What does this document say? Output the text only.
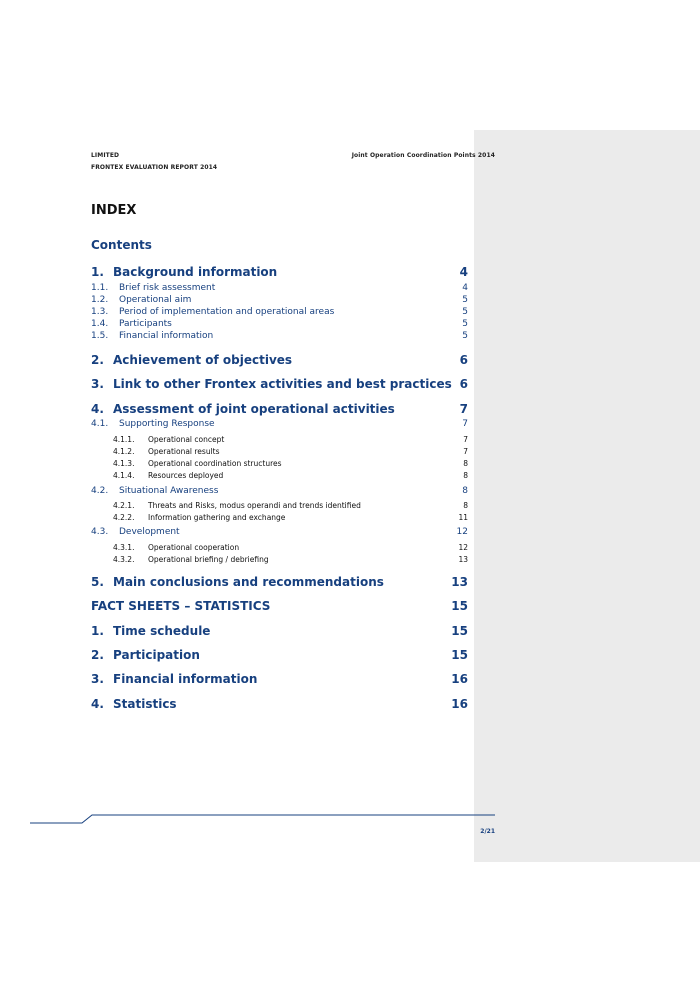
LIMITED
FRONTEX EVALUATION REPORT 2014
Joint Operation Coordination Points 2014
INDEX
Contents
1. Background information	4
1.1.	Brief risk assessment	4
1.2.	Operational aim	5
1.3.	Period of implementation and operational areas	5
1.4.	Participants	5
1.5.	Financial information	5
2. Achievement of objectives	6
3. Link to other Frontex activities and best practices 6
4. Assessment of joint operational activities	7
4.1.	Supporting Response	7
4.1.1.	Operational concept	7
4.1.2.	Operational results	7
4.1.3.	Operational coordination structures	8
4.1.4.	Resources deployed	8
4.2.	Situational Awareness	8
4.2.1.	Threats and Risks, modus operandi and trends identified	8
4.2.2.	Information gathering and exchange	11
4.3.	Development	12
4.3.1.	Operational cooperation	12
4.3.2.	Operational briefing / debriefing	13
5. Main conclusions and recommendations	13
FACT SHEETS – STATISTICS	15
1. Time schedule	15
2. Participation	15
3. Financial information	16
4. Statistics	16
2/21
